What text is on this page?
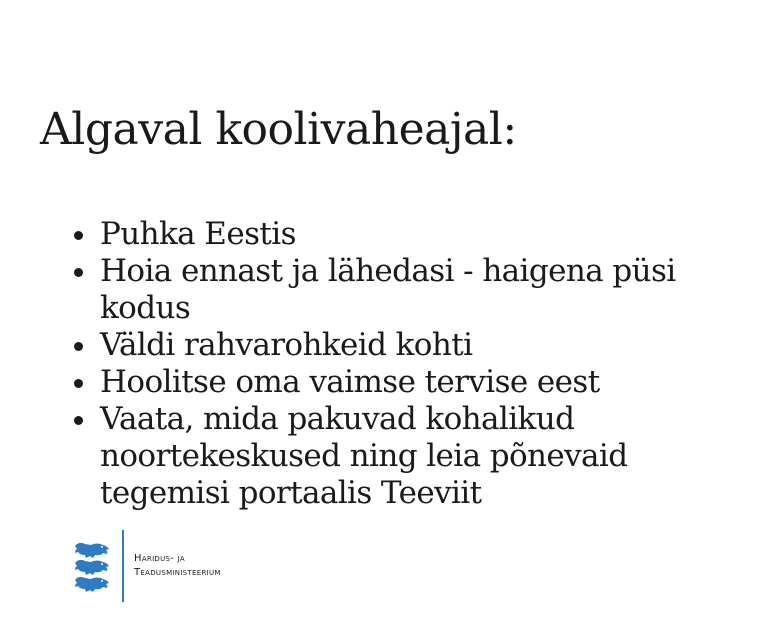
Algaval koolivaheajal:
Puhka Eestis
Hoia ennast ja lähedasi - haigena püsi kodus
Väldi rahvarohkeid kohti
Hoolitse oma vaimse tervise eest
Vaata, mida pakuvad kohalikud noortekeskused ning leia põnevaid tegemisi portaalis Teeviit
Haridus- ja
Teadusministeerium
